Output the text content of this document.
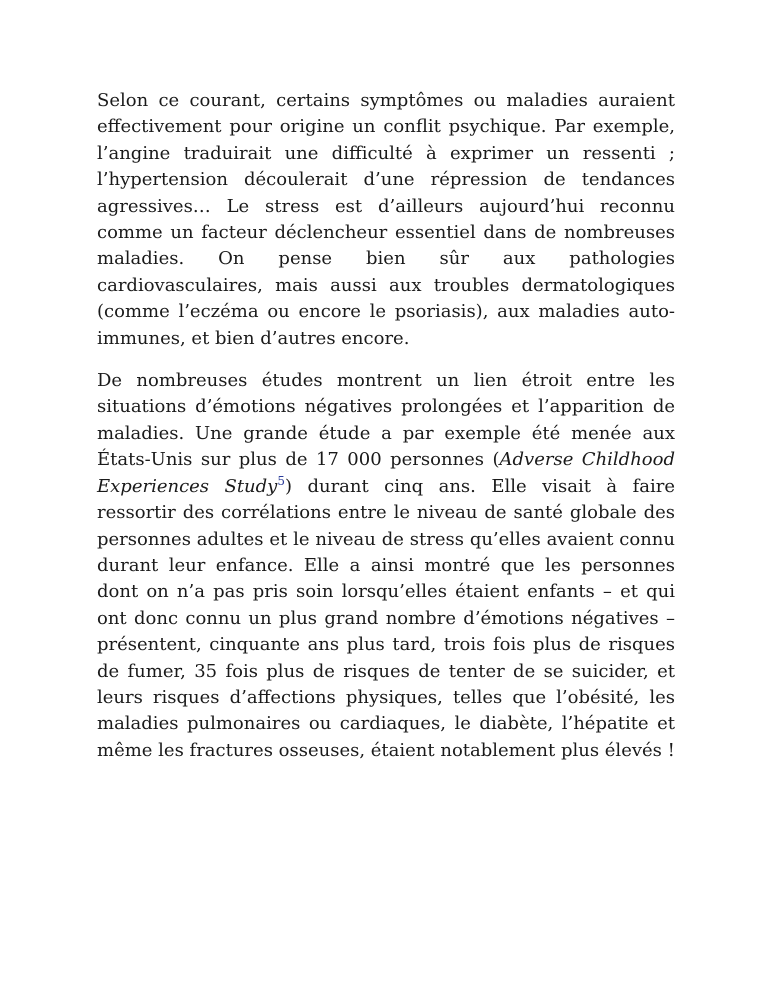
Selon ce courant, certains symptômes ou maladies auraient effectivement pour origine un conflit psychique. Par exemple, l’angine traduirait une difficulté à exprimer un ressenti ; l’hypertension découlerait d’une répression de tendances agressives… Le stress est d’ailleurs aujourd’hui reconnu comme un facteur déclencheur essentiel dans de nombreuses maladies. On pense bien sûr aux pathologies cardiovasculaires, mais aussi aux troubles dermatologiques (comme l’eczéma ou encore le psoriasis), aux maladies auto-immunes, et bien d’autres encore.

De nombreuses études montrent un lien étroit entre les situations d’émotions négatives prolongées et l’apparition de maladies. Une grande étude a par exemple été menée aux États-Unis sur plus de 17 000 personnes (Adverse Childhood Experiences Study$^5$) durant cinq ans. Elle visait à faire ressortir des corrélations entre le niveau de santé globale des personnes adultes et le niveau de stress qu’elles avaient connu durant leur enfance. Elle a ainsi montré que les personnes dont on n’a pas pris soin lorsqu’elles étaient enfants – et qui ont donc connu un plus grand nombre d’émotions négatives – présentent, cinquante ans plus tard, trois fois plus de risques de fumer, 35 fois plus de risques de tenter de se suicider, et leurs risques d’affections physiques, telles que l’obésité, les maladies pulmonaires ou cardiaques, le diabète, l’hépatite et même les fractures osseuses, étaient notablement plus élevés !
